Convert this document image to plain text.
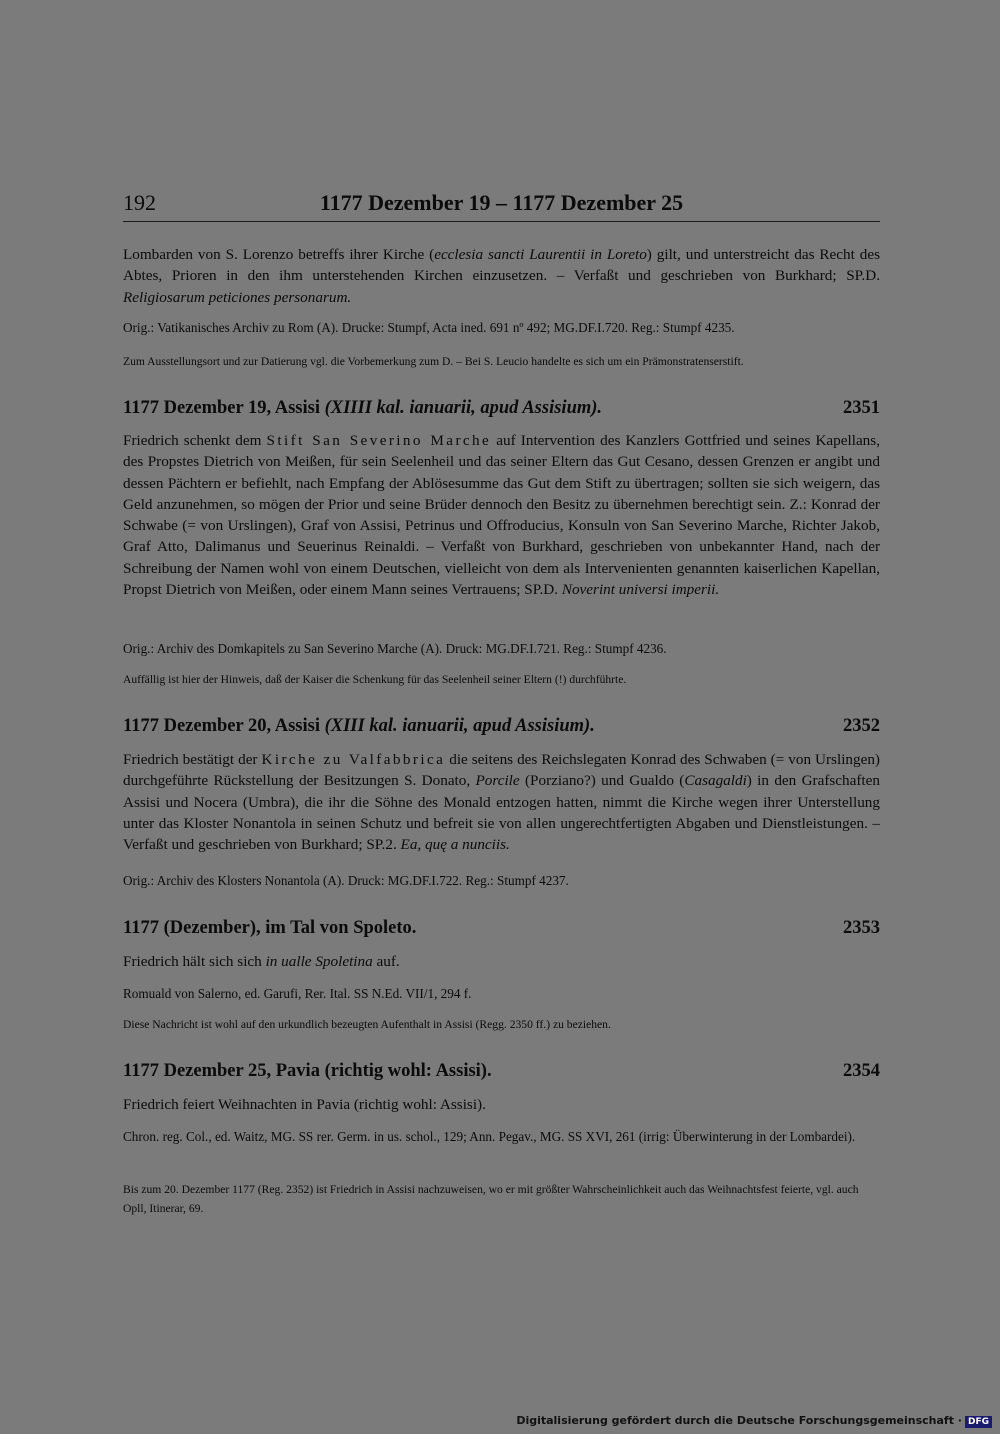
192	1177 Dezember 19 – 1177 Dezember 25

Lombarden von S. Lorenzo betreffs ihrer Kirche (ecclesia sancti Laurentii in Loreto) gilt, und unterstreicht das Recht des Abtes, Prioren in den ihm unterstehenden Kirchen einzusetzen. – Verfaßt und geschrieben von Burkhard; SP.D. Religiosarum peticiones personarum.

Orig.: Vatikanisches Archiv zu Rom (A). Drucke: Stumpf, Acta ined. 691 nº 492; MG.DF.I.720. Reg.: Stumpf 4235.

Zum Ausstellungsort und zur Datierung vgl. die Vorbemerkung zum D. – Bei S. Leucio handelte es sich um ein Prämonstratenserstift.

1177 Dezember 19, Assisi (XIIII kal. ianuarii, apud Assisium).	2351

Friedrich schenkt dem Stift San Severino Marche auf Intervention des Kanzlers Gottfried und seines Kapellans, des Propstes Dietrich von Meißen, für sein Seelenheil und das seiner Eltern das Gut Cesano, dessen Grenzen er angibt und dessen Pächtern er befiehlt, nach Empfang der Ablösesumme das Gut dem Stift zu übertragen; sollten sie sich weigern, das Geld anzunehmen, so mögen der Prior und seine Brüder dennoch den Besitz zu übernehmen berechtigt sein. Z.: Konrad der Schwabe (= von Urslingen), Graf von Assisi, Petrinus und Offroducius, Konsuln von San Severino Marche, Richter Jakob, Graf Atto, Dalimanus und Seuerinus Reinaldi. – Verfaßt von Burkhard, geschrieben von unbekannter Hand, nach der Schreibung der Namen wohl von einem Deutschen, vielleicht von dem als Intervenienten genannten kaiserlichen Kapellan, Propst Dietrich von Meißen, oder einem Mann seines Vertrauens; SP.D. Noverint universi imperii.

Orig.: Archiv des Domkapitels zu San Severino Marche (A). Druck: MG.DF.I.721. Reg.: Stumpf 4236.

Auffällig ist hier der Hinweis, daß der Kaiser die Schenkung für das Seelenheil seiner Eltern (!) durchführte.

1177 Dezember 20, Assisi (XIII kal. ianuarii, apud Assisium).	2352

Friedrich bestätigt der Kirche zu Valfabbrica die seitens des Reichslegaten Konrad des Schwaben (= von Urslingen) durchgeführte Rückstellung der Besitzungen S. Donato, Porcile (Porziano?) und Gualdo (Casagaldi) in den Grafschaften Assisi und Nocera (Umbra), die ihr die Söhne des Monald entzogen hatten, nimmt die Kirche wegen ihrer Unterstellung unter das Kloster Nonantola in seinen Schutz und befreit sie von allen ungerechtfertigten Abgaben und Dienstleistungen. – Verfaßt und geschrieben von Burkhard; SP.2. Ea, quę a nunciis.

Orig.: Archiv des Klosters Nonantola (A). Druck: MG.DF.I.722. Reg.: Stumpf 4237.

1177 (Dezember), im Tal von Spoleto.	2353

Friedrich hält sich sich in ualle Spoletina auf.

Romuald von Salerno, ed. Garufi, Rer. Ital. SS N.Ed. VII/1, 294 f.

Diese Nachricht ist wohl auf den urkundlich bezeugten Aufenthalt in Assisi (Regg. 2350 ff.) zu beziehen.

1177 Dezember 25, Pavia (richtig wohl: Assisi).	2354

Friedrich feiert Weihnachten in Pavia (richtig wohl: Assisi).

Chron. reg. Col., ed. Waitz, MG. SS rer. Germ. in us. schol., 129; Ann. Pegav., MG. SS XVI, 261 (irrig: Überwinterung in der Lombardei).

Bis zum 20. Dezember 1177 (Reg. 2352) ist Friedrich in Assisi nachzuweisen, wo er mit größter Wahrscheinlichkeit auch das Weihnachtsfest feierte, vgl. auch Opll, Itinerar, 69.

Digitalisierung gefördert durch die Deutsche Forschungsgemeinschaft · DFG
